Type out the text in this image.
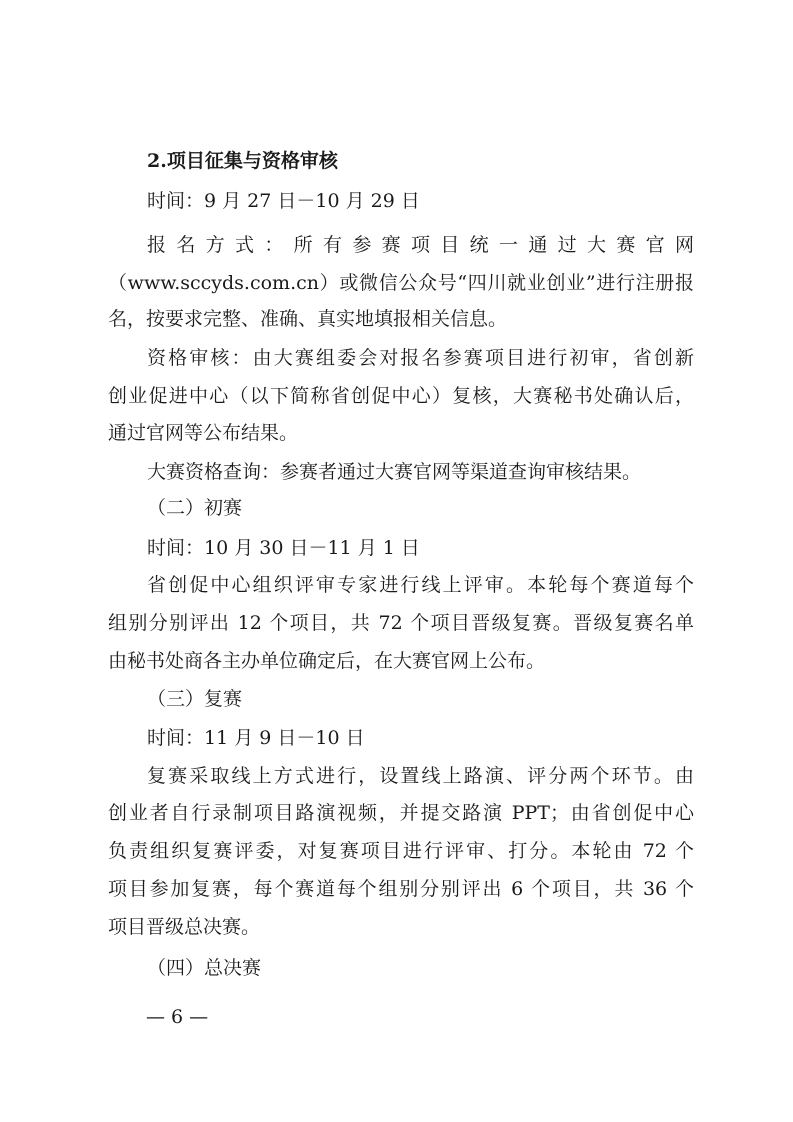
2.项目征集与资格审核

时间：9 月 27 日－10 月 29 日

报名方式：所有参赛项目统一通过大赛官网

（www.sccyds.com.cn）或微信公众号“四川就业创业”进行注册报

名，按要求完整、准确、真实地填报相关信息。

资格审核：由大赛组委会对报名参赛项目进行初审，省创新

创业促进中心（以下简称省创促中心）复核，大赛秘书处确认后，

通过官网等公布结果。

大赛资格查询：参赛者通过大赛官网等渠道查询审核结果。

（二）初赛

时间：10 月 30 日－11 月 1 日

省创促中心组织评审专家进行线上评审。本轮每个赛道每个

组别分别评出 12 个项目，共 72 个项目晋级复赛。晋级复赛名单

由秘书处商各主办单位确定后，在大赛官网上公布。

（三）复赛

时间：11 月 9 日－10 日

复赛采取线上方式进行，设置线上路演、评分两个环节。由

创业者自行录制项目路演视频，并提交路演 PPT；由省创促中心

负责组织复赛评委，对复赛项目进行评审、打分。本轮由 72 个

项目参加复赛，每个赛道每个组别分别评出 6 个项目，共 36 个

项目晋级总决赛。

（四）总决赛

— 6 —
